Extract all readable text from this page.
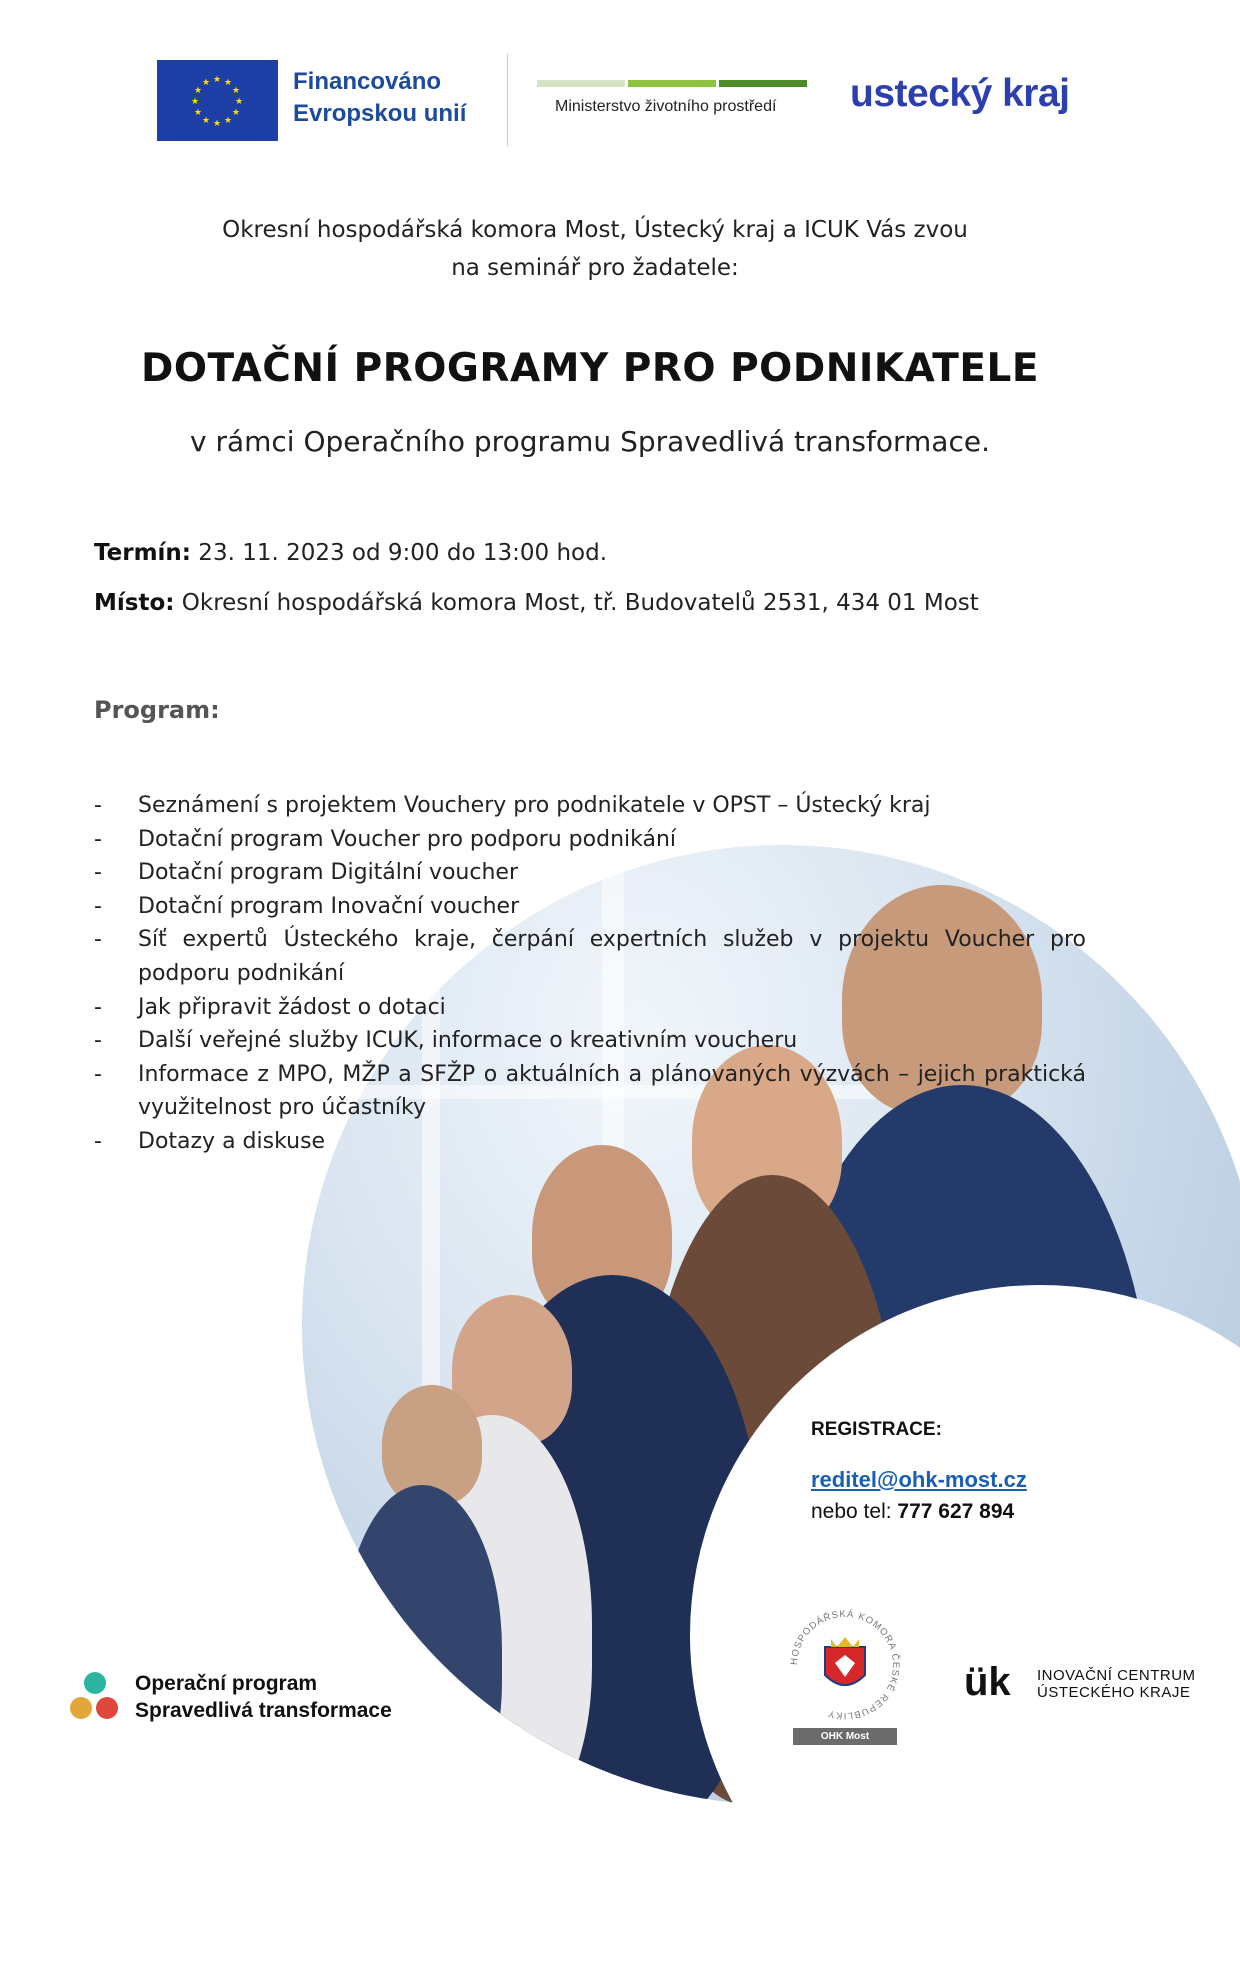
★ ★
★
★
★
★
★
★
★
★
★
★	Financováno
Evropskou unií	Ministerstvo životního prostředí ustecký kraj
Okresní hospodářská komora Most, Ústecký kraj a ICUK Vás zvou
na seminář pro žadatele:
DOTAČNÍ PROGRAMY PRO PODNIKATELE
v rámci Operačního programu Spravedlivá transformace.
Termín: 23. 11. 2023 od 9:00 do 13:00 hod.
Místo: Okresní hospodářská komora Most, tř. Budovatelů 2531, 434 01 Most
Program:
- Seznámení s projektem Vouchery pro podnikatele v OPST – Ústecký kraj
- Dotační program Voucher pro podporu podnikání
- Dotační program Digitální voucher
- Dotační program Inovační voucher
- Síť expertů Ústeckého kraje, čerpání expertních služeb v projektu Voucher pro podporu podnikání
- Jak připravit žádost o dotaci
- Další veřejné služby ICUK, informace o kreativním voucheru
- Informace z MPO, MŽP a SFŽP o aktuálních a plánovaných výzvách – jejich praktická využitelnost pro účastníky
- Dotazy a diskuse
REGISTRACE:
reditel@ohk-most.cz
nebo tel: 777 627 894
Operační program
Spravedlivá transformace
HOSPODÁŘSKÁ KOMORA ČESKÉ REPUBLIKY
OHK Most
ük INOVAČNÍ CENTRUM
ÚSTECKÉHO KRAJE
